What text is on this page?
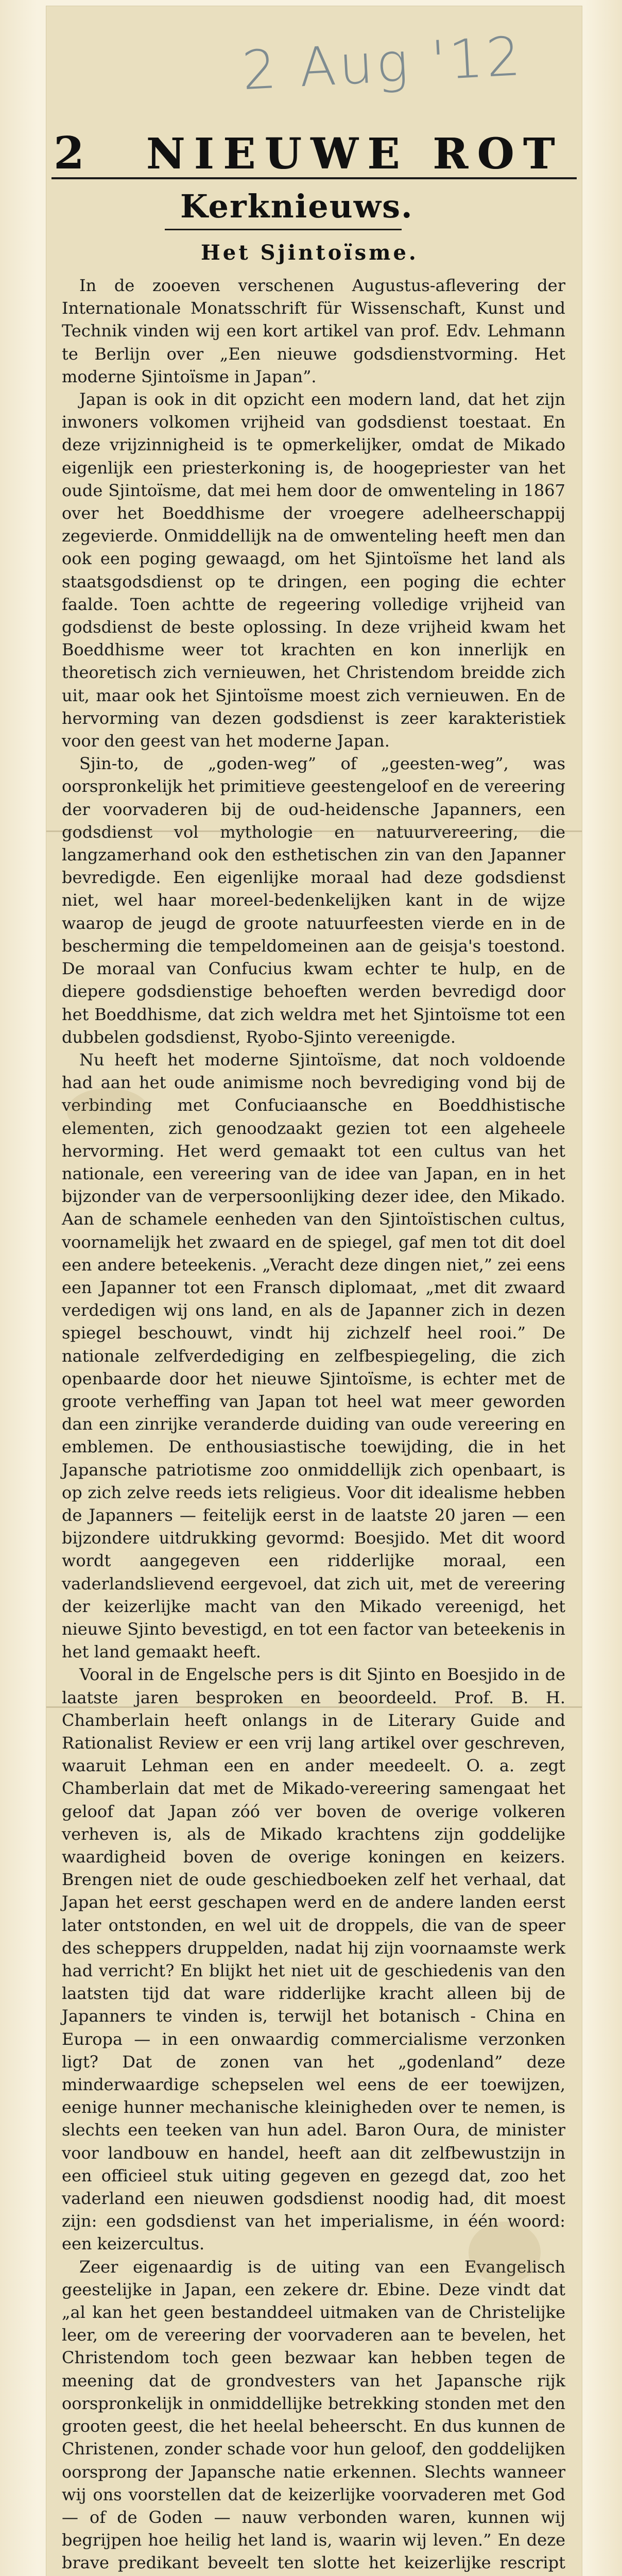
2 Aug '12
2 NIEUWE ROT
Kerknieuws.
Het Sjintoïsme.

In de zooeven verschenen Augustus-aflevering der Internationale Monatsschrift für Wissenschaft, Kunst und Technik vinden wij een kort artikel van prof. Edv. Lehmann te Berlijn over „Een nieuwe godsdienstvorming. Het moderne Sjintoïsme in Japan”.

Japan is ook in dit opzicht een modern land, dat het zijn inwoners volkomen vrijheid van godsdienst toestaat. En deze vrijzinnigheid is te opmerkelijker, omdat de Mikado eigenlijk een priesterkoning is, de hoogepriester van het oude Sjintoïsme, dat mei hem door de omwenteling in 1867 over het Boeddhisme der vroegere adelheerschappij zegevierde. Onmiddellijk na de omwenteling heeft men dan ook een poging gewaagd, om het Sjintoïsme het land als staatsgodsdienst op te dringen, een poging die echter faalde. Toen achtte de regeering volledige vrijheid van godsdienst de beste oplossing. In deze vrijheid kwam het Boeddhisme weer tot krachten en kon innerlijk en theoretisch zich vernieuwen, het Christendom breidde zich uit, maar ook het Sjintoïsme moest zich vernieuwen. En de hervorming van dezen godsdienst is zeer karakteristiek voor den geest van het moderne Japan.

Sjin-to, de „goden-weg” of „geesten-weg”, was oorspronkelijk het primitieve geestengeloof en de vereering der voorvaderen bij de oud-heidensche Japanners, een godsdienst vol mythologie en natuurvereering, die langzamerhand ook den esthetischen zin van den Japanner bevredigde. Een eigenlijke moraal had deze godsdienst niet, wel haar moreel-bedenkelijken kant in de wijze waarop de jeugd de groote natuurfeesten vierde en in de bescherming die tempeldomeinen aan de geisja's toestond. De moraal van Confucius kwam echter te hulp, en de diepere godsdienstige behoeften werden bevredigd door het Boeddhisme, dat zich weldra met het Sjintoïsme tot een dubbelen godsdienst, Ryobo-Sjinto vereenigde.

Nu heeft het moderne Sjintoïsme, dat noch voldoende had aan het oude animisme noch bevrediging vond bij de verbinding met Confuciaansche en Boeddhistische elementen, zich genoodzaakt gezien tot een algeheele hervorming. Het werd gemaakt tot een cultus van het nationale, een vereering van de idee van Japan, en in het bijzonder van de verpersoonlijking dezer idee, den Mikado. Aan de schamele eenheden van den Sjintoïstischen cultus, voornamelijk het zwaard en de spiegel, gaf men tot dit doel een andere beteekenis. „Veracht deze dingen niet,” zei eens een Japanner tot een Fransch diplomaat, „met dit zwaard verdedigen wij ons land, en als de Japanner zich in dezen spiegel beschouwt, vindt hij zichzelf heel rooi.” De nationale zelfverdediging en zelfbespiegeling, die zich openbaarde door het nieuwe Sjintoïsme, is echter met de groote verheffing van Japan tot heel wat meer geworden dan een zinrijke veranderde duiding van oude vereering en emblemen. De enthousiastische toewijding, die in het Japansche patriotisme zoo onmiddellijk zich openbaart, is op zich zelve reeds iets religieus. Voor dit idealisme hebben de Japanners — feitelijk eerst in de laatste 20 jaren — een bijzondere uitdrukking gevormd: Boesjido. Met dit woord wordt aangegeven een ridderlijke moraal, een vaderlandslievend eergevoel, dat zich uit, met de vereering der keizerlijke macht van den Mikado vereenigd, het nieuwe Sjinto bevestigd, en tot een factor van beteekenis in het land gemaakt heeft.

Vooral in de Engelsche pers is dit Sjinto en Boesjido in de laatste jaren besproken en beoordeeld. Prof. B. H. Chamberlain heeft onlangs in de Literary Guide and Rationalist Review er een vrij lang artikel over geschreven, waaruit Lehman een en ander meedeelt. O. a. zegt Chamberlain dat met de Mikado-vereering samengaat het geloof dat Japan zóó ver boven de overige volkeren verheven is, als de Mikado krachtens zijn goddelijke waardigheid boven de overige koningen en keizers. Brengen niet de oude geschiedboeken zelf het verhaal, dat Japan het eerst geschapen werd en de andere landen eerst later ontstonden, en wel uit de droppels, die van de speer des scheppers druppelden, nadat hij zijn voornaamste werk had verricht? En blijkt het niet uit de geschiedenis van den laatsten tijd dat ware ridderlijke kracht alleen bij de Japanners te vinden is, terwijl het botanisch - China en Europa — in een onwaardig commercialisme verzonken ligt? Dat de zonen van het „godenland” deze minderwaardige schepselen wel eens de eer toewijzen, eenige hunner mechanische kleinigheden over te nemen, is slechts een teeken van hun adel. Baron Oura, de minister voor landbouw en handel, heeft aan dit zelfbewustzijn in een officieel stuk uiting gegeven en gezegd dat, zoo het vaderland een nieuwen godsdienst noodig had, dit moest zijn: een godsdienst van het imperialisme, in één woord: een keizercultus.

Zeer eigenaardig is de uiting van een Evangelisch geestelijke in Japan, een zekere dr. Ebine. Deze vindt dat „al kan het geen bestanddeel uitmaken van de Christelijke leer, om de vereering der voorvaderen aan te bevelen, het Christendom toch geen bezwaar kan hebben tegen de meening dat de grondvesters van het Japansche rijk oorspronkelijk in onmiddellijke betrekking stonden met den grooten geest, die het heelal beheerscht. En dus kunnen de Christenen, zonder schade voor hun geloof, den goddelijken oorsprong der Japansche natie erkennen. Slechts wanneer wij ons voorstellen dat de keizerlijke voorvaderen met God — of de Goden — nauw verbonden waren, kunnen wij begrijpen hoe heilig het land is, waarin wij leven.” En deze brave predikant beveelt ten slotte het keizerlijke rescript
